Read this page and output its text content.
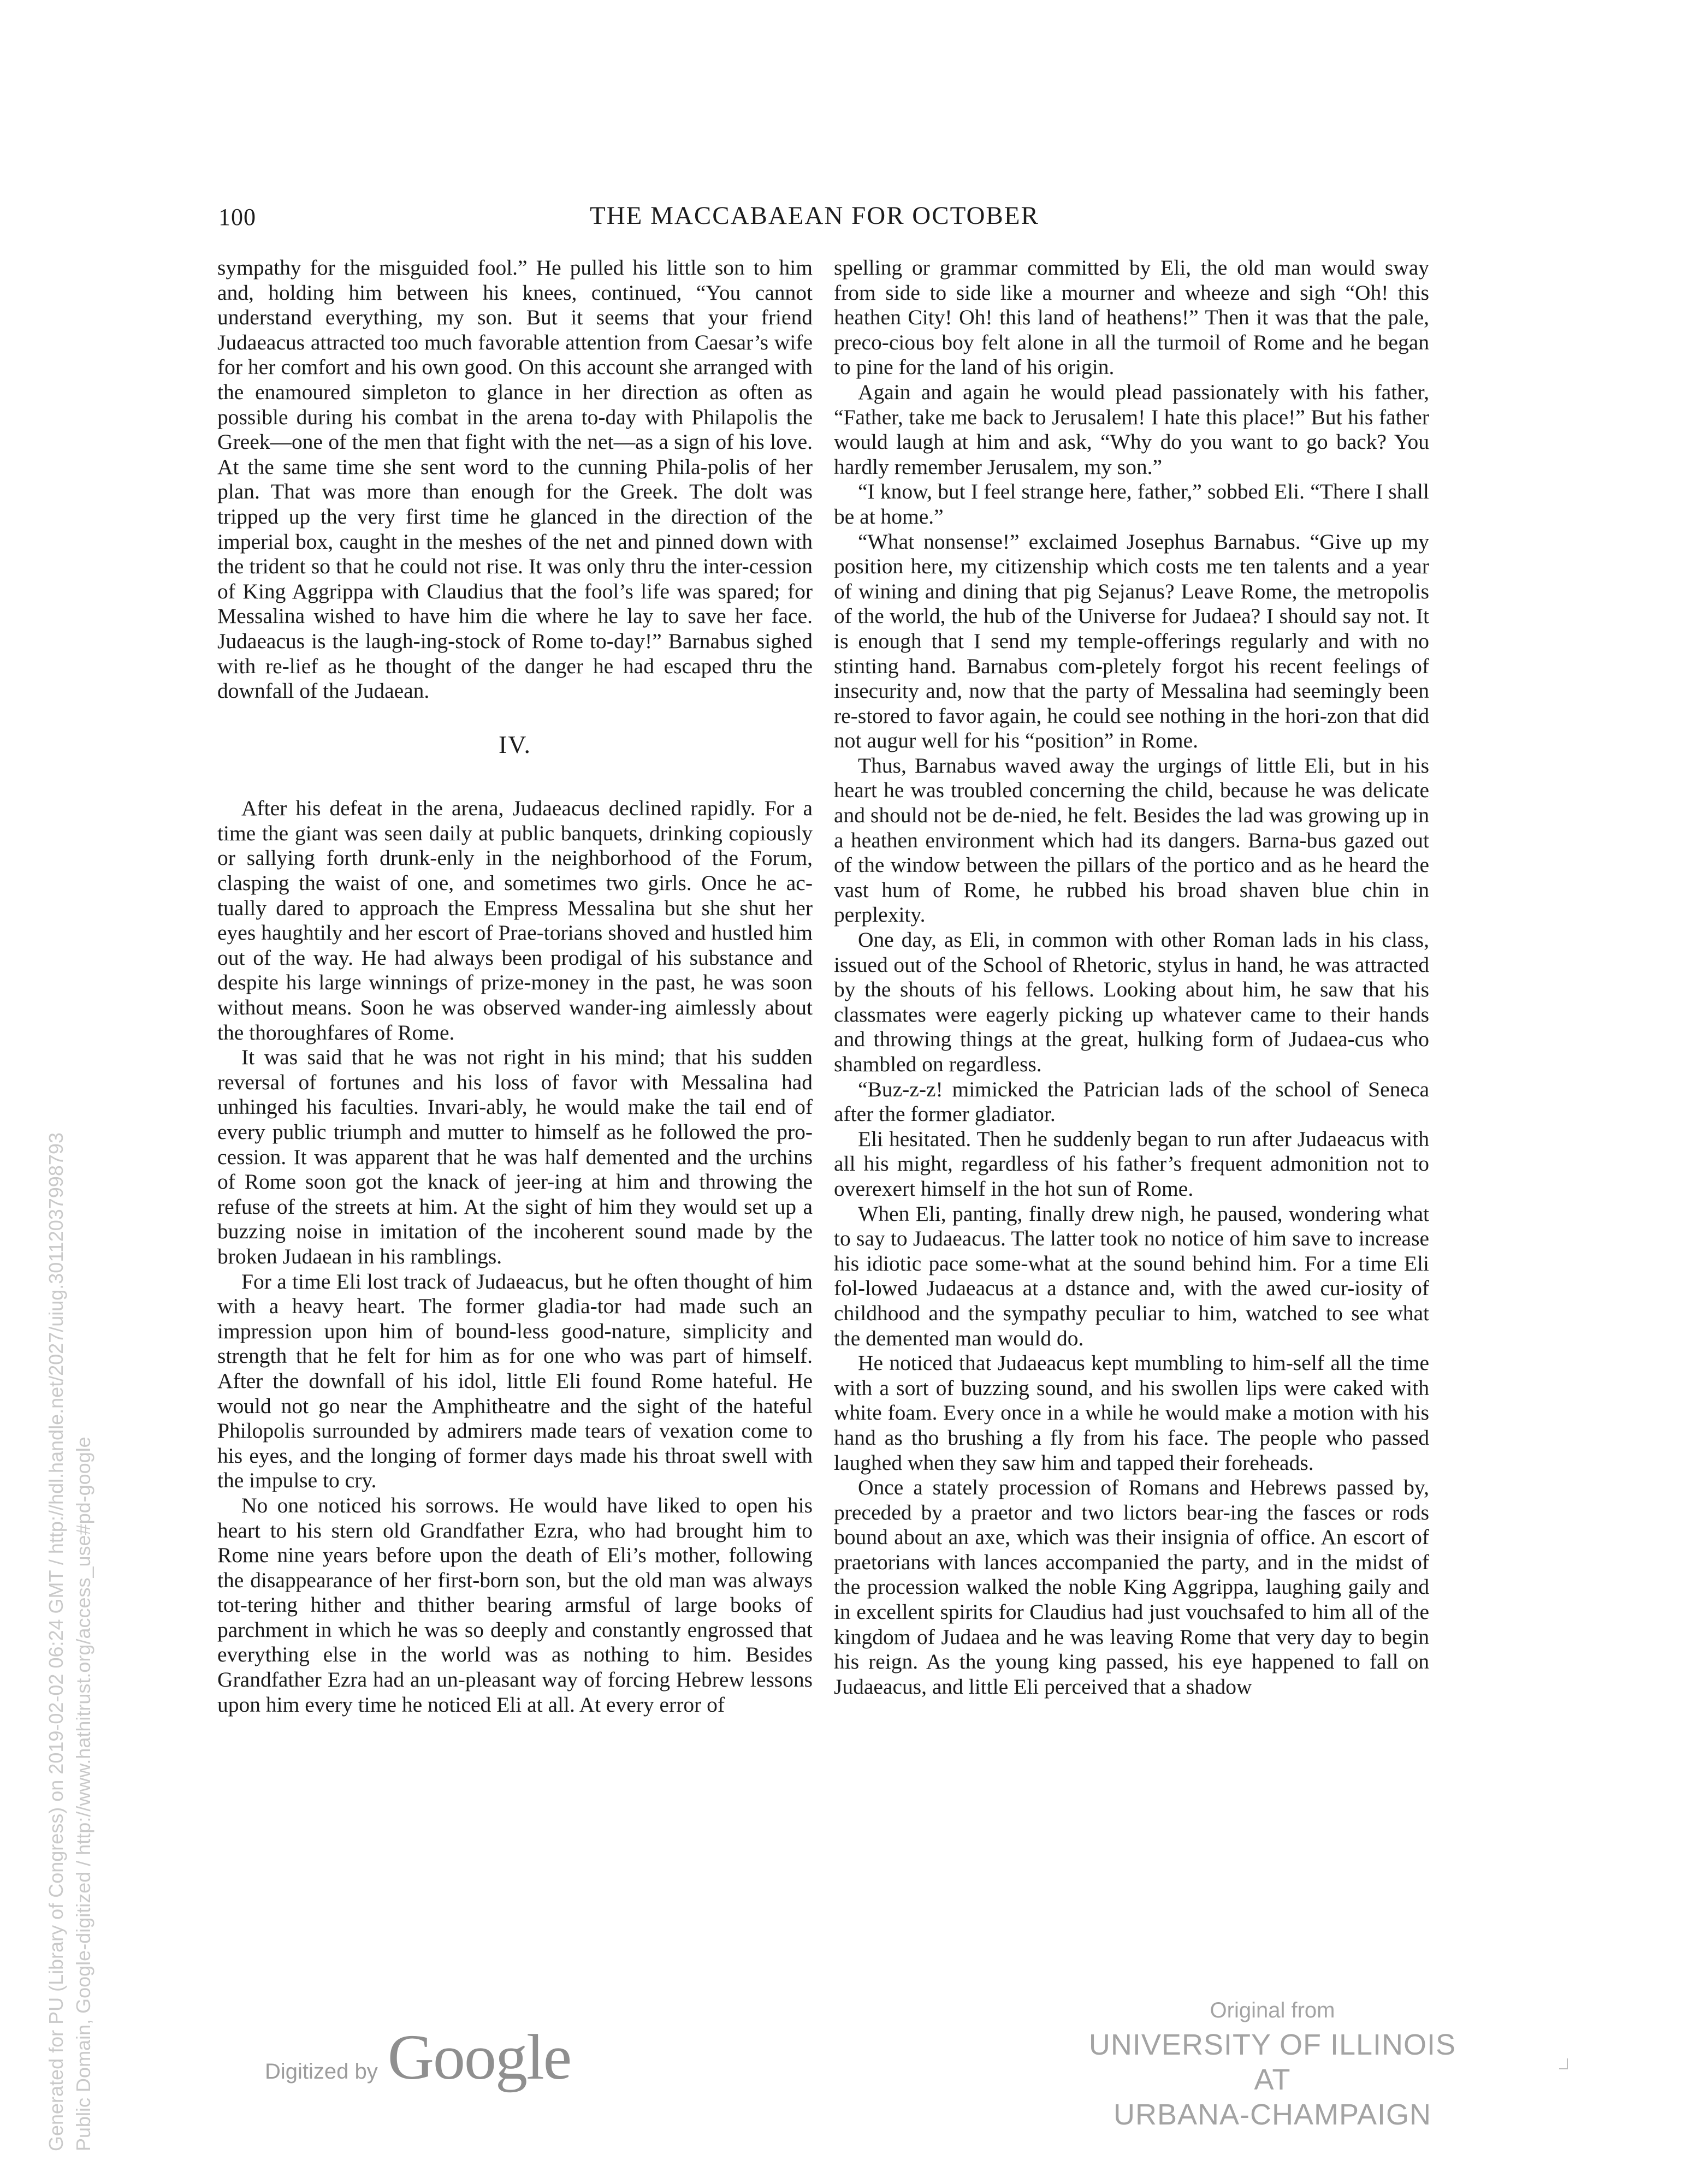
100	THE MACCABAEAN FOR OCTOBER

sympathy for the misguided fool.” He pulled his little son to him and, holding him between his knees, continued, “You cannot understand everything, my son. But it seems that your friend Judaeacus attracted too much favorable attention from Caesar’s wife for her comfort and his own good. On this account she arranged with the enamoured simpleton to glance in her direction as often as possible during his combat in the arena to-day with Philapolis the Greek—one of the men that fight with the net—as a sign of his love. At the same time she sent word to the cunning Phila-polis of her plan. That was more than enough for the Greek. The dolt was tripped up the very first time he glanced in the direction of the imperial box, caught in the meshes of the net and pinned down with the trident so that he could not rise. It was only thru the inter-cession of King Aggrippa with Claudius that the fool’s life was spared; for Messalina wished to have him die where he lay to save her face. Judaeacus is the laugh-ing-stock of Rome to-day!” Barnabus sighed with re-lief as he thought of the danger he had escaped thru the downfall of the Judaean.

IV.

After his defeat in the arena, Judaeacus declined rapidly. For a time the giant was seen daily at public banquets, drinking copiously or sallying forth drunk-enly in the neighborhood of the Forum, clasping the waist of one, and sometimes two girls. Once he ac-tually dared to approach the Empress Messalina but she shut her eyes haughtily and her escort of Prae-torians shoved and hustled him out of the way. He had always been prodigal of his substance and despite his large winnings of prize-money in the past, he was soon without means. Soon he was observed wander-ing aimlessly about the thoroughfares of Rome.

It was said that he was not right in his mind; that his sudden reversal of fortunes and his loss of favor with Messalina had unhinged his faculties. Invari-ably, he would make the tail end of every public triumph and mutter to himself as he followed the pro-cession. It was apparent that he was half demented and the urchins of Rome soon got the knack of jeer-ing at him and throwing the refuse of the streets at him. At the sight of him they would set up a buzzing noise in imitation of the incoherent sound made by the broken Judaean in his ramblings.

For a time Eli lost track of Judaeacus, but he often thought of him with a heavy heart. The former gladia-tor had made such an impression upon him of bound-less good-nature, simplicity and strength that he felt for him as for one who was part of himself. After the downfall of his idol, little Eli found Rome hateful. He would not go near the Amphitheatre and the sight of the hateful Philopolis surrounded by admirers made tears of vexation come to his eyes, and the longing of former days made his throat swell with the impulse to cry.

No one noticed his sorrows. He would have liked to open his heart to his stern old Grandfather Ezra, who had brought him to Rome nine years before upon the death of Eli’s mother, following the disappearance of her first-born son, but the old man was always tot-tering hither and thither bearing armsful of large books of parchment in which he was so deeply and constantly engrossed that everything else in the world was as nothing to him. Besides Grandfather Ezra had an un-pleasant way of forcing Hebrew lessons upon him every time he noticed Eli at all. At every error of

spelling or grammar committed by Eli, the old man would sway from side to side like a mourner and wheeze and sigh “Oh! this heathen City! Oh! this land of heathens!” Then it was that the pale, preco-cious boy felt alone in all the turmoil of Rome and he began to pine for the land of his origin.

Again and again he would plead passionately with his father, “Father, take me back to Jerusalem! I hate this place!” But his father would laugh at him and ask, “Why do you want to go back? You hardly remember Jerusalem, my son.”

“I know, but I feel strange here, father,” sobbed Eli. “There I shall be at home.”

“What nonsense!” exclaimed Josephus Barnabus. “Give up my position here, my citizenship which costs me ten talents and a year of wining and dining that pig Sejanus? Leave Rome, the metropolis of the world, the hub of the Universe for Judaea? I should say not. It is enough that I send my temple-offerings regularly and with no stinting hand. Barnabus com-pletely forgot his recent feelings of insecurity and, now that the party of Messalina had seemingly been re-stored to favor again, he could see nothing in the hori-zon that did not augur well for his “position” in Rome.

Thus, Barnabus waved away the urgings of little Eli, but in his heart he was troubled concerning the child, because he was delicate and should not be de-nied, he felt. Besides the lad was growing up in a heathen environment which had its dangers. Barna-bus gazed out of the window between the pillars of the portico and as he heard the vast hum of Rome, he rubbed his broad shaven blue chin in perplexity.

One day, as Eli, in common with other Roman lads in his class, issued out of the School of Rhetoric, stylus in hand, he was attracted by the shouts of his fellows. Looking about him, he saw that his classmates were eagerly picking up whatever came to their hands and throwing things at the great, hulking form of Judaea-cus who shambled on regardless.

“Buz-z-z! mimicked the Patrician lads of the school of Seneca after the former gladiator.

Eli hesitated. Then he suddenly began to run after Judaeacus with all his might, regardless of his father’s frequent admonition not to overexert himself in the hot sun of Rome.

When Eli, panting, finally drew nigh, he paused, wondering what to say to Judaeacus. The latter took no notice of him save to increase his idiotic pace some-what at the sound behind him. For a time Eli fol-lowed Judaeacus at a dstance and, with the awed cur-iosity of childhood and the sympathy peculiar to him, watched to see what the demented man would do.

He noticed that Judaeacus kept mumbling to him-self all the time with a sort of buzzing sound, and his swollen lips were caked with white foam. Every once in a while he would make a motion with his hand as tho brushing a fly from his face. The people who passed laughed when they saw him and tapped their foreheads.

Once a stately procession of Romans and Hebrews passed by, preceded by a praetor and two lictors bear-ing the fasces or rods bound about an axe, which was their insignia of office. An escort of praetorians with lances accompanied the party, and in the midst of the procession walked the noble King Aggrippa, laughing gaily and in excellent spirits for Claudius had just vouchsafed to him all of the kingdom of Judaea and he was leaving Rome that very day to begin his reign. As the young king passed, his eye happened to fall on Judaeacus, and little Eli perceived that a shadow

Generated for PU (Library of Congress) on 2019-02-02 06:24 GMT / http://hdl.handle.net/2027/uiug.30112037998793 Public Domain, Google-digitized / http://www.hathitrust.org/access_use#pd-google	Digitized by Google
Original from
UNIVERSITY OF ILLINOIS AT
URBANA-CHAMPAIGN
